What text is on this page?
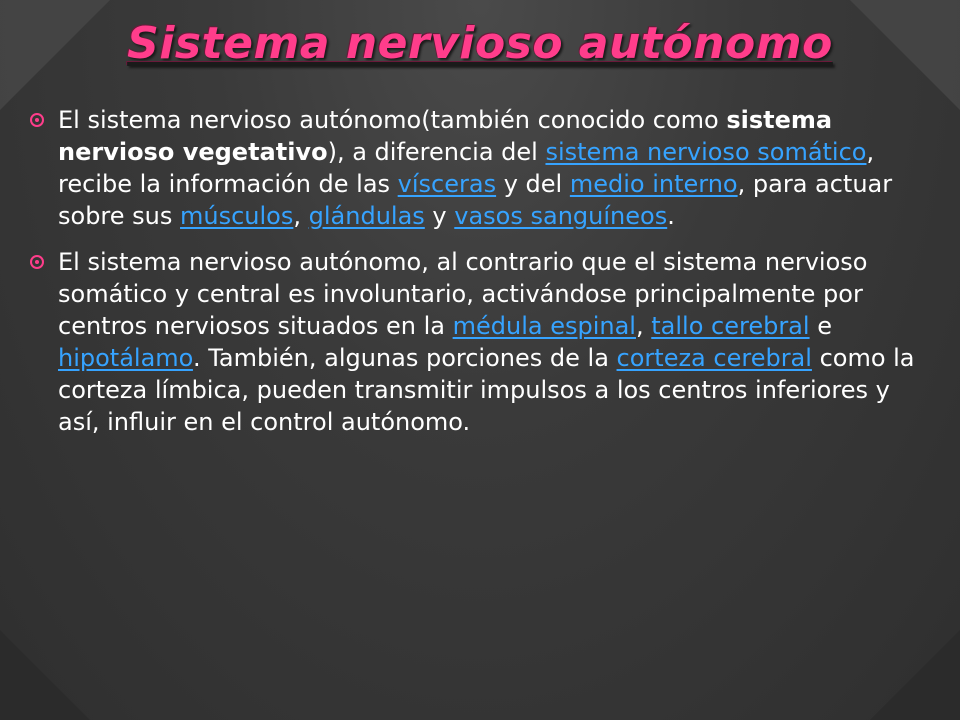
Sistema nervioso autónomo

El sistema nervioso autónomo(también conocido como sistema nervioso vegetativo), a diferencia del sistema nervioso somático, recibe la información de las vísceras y del medio interno, para actuar sobre sus músculos, glándulas y vasos sanguíneos.

El sistema nervioso autónomo, al contrario que el sistema nervioso somático y central es involuntario, activándose principalmente por centros nerviosos situados en la médula espinal, tallo cerebral e hipotálamo. También, algunas porciones de la corteza cerebral como la corteza límbica, pueden transmitir impulsos a los centros inferiores y así, influir en el control autónomo.
